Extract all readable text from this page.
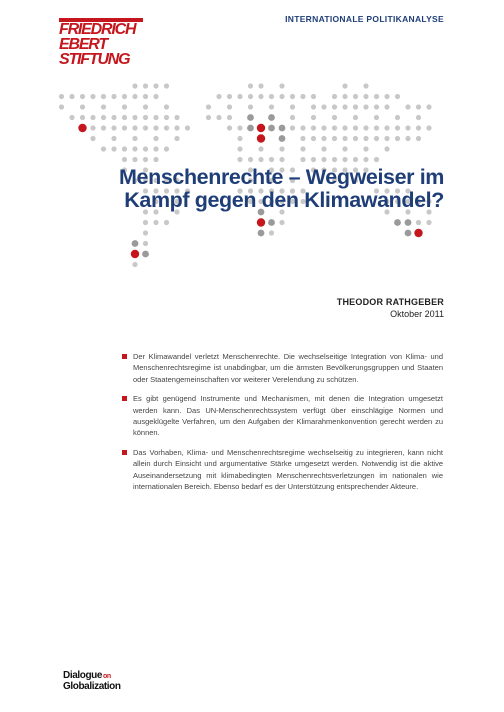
FRIEDRICH
EBERT
STIFTUNG
INTERNATIONALE POLITIKANALYSE
Menschenrechte – Wegweiser im
Kampf gegen den Klimawandel?
THEODOR RATHGEBER
Oktober 2011
Der Klimawandel verletzt Menschenrechte. Die wechselseitige Integration von Klima- und Menschenrechtsregime ist unabdingbar, um die ärmsten Bevölkerungsgruppen und Staaten oder Staatengemeinschaften vor weiterer Verelendung zu schützen.
Es gibt genügend Instrumente und Mechanismen, mit denen die Integration umgesetzt werden kann. Das UN-Menschenrechtssystem verfügt über einschlägige Normen und ausgeklügelte Verfahren, um den Aufgaben der Klimarahmenkonvention gerecht werden zu können.
Das Vorhaben, Klima- und Menschenrechtsregime wechselseitig zu integrieren, kann nicht allein durch Einsicht und argumentative Stärke umgesetzt werden. Notwendig ist die aktive Auseinandersetzung mit klimabedingten Menschenrechtsverletzungen im nationalen wie internationalen Bereich. Ebenso bedarf es der Unterstützung entsprechender Akteure.
Dialogueon
Globalization
